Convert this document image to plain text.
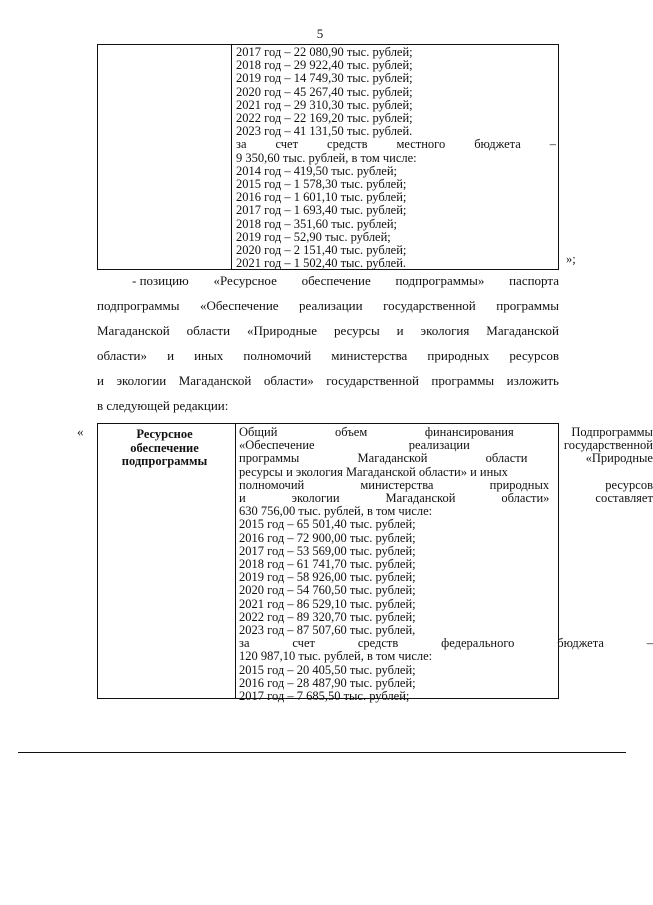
5
2017 год – 22 080,90 тыс. рублей;
2018 год – 29 922,40 тыс. рублей;
2019 год – 14 749,30 тыс. рублей;
2020 год – 45 267,40 тыс. рублей;
2021 год – 29 310,30 тыс. рублей;
2022 год – 22 169,20 тыс. рублей;
2023 год – 41 131,50 тыс. рублей.
за счет средств местного бюджета –
9 350,60 тыс. рублей, в том числе:
2014 год – 419,50 тыс. рублей;
2015 год – 1 578,30 тыс. рублей;
2016 год – 1 601,10 тыс. рублей;
2017 год – 1 693,40 тыс. рублей;
2018 год – 351,60 тыс. рублей;
2019 год – 52,90 тыс. рублей;
2020 год – 2 151,40 тыс. рублей;
2021 год – 1 502,40 тыс. рублей.	»;
- позицию «Ресурсное обеспечение подпрограммы» паспорта
подпрограммы «Обеспечение реализации государственной программы
Магаданской области «Природные ресурсы и экология Магаданской
области» и иных полномочий министерства природных ресурсов
и экологии Магаданской области» государственной программы изложить
в следующей редакции:
«	Ресурсное
обеспечение
подпрограммы
Общий	объем	финансирования	Подпрограммы
«Обеспечение	реализации	государственной
программы	Магаданской	области	«Природные
ресурсы и экология Магаданской области» и иных
полномочий	министерства	природных	ресурсов
и	экологии	Магаданской	области»	составляет
630 756,00 тыс. рублей, в том числе:
2015 год – 65 501,40 тыс. рублей;
2016 год – 72 900,00 тыс. рублей;
2017 год – 53 569,00 тыс. рублей;
2018 год – 61 741,70 тыс. рублей;
2019 год – 58 926,00 тыс. рублей;
2020 год – 54 760,50 тыс. рублей;
2021 год – 86 529,10 тыс. рублей;
2022 год – 89 320,70 тыс. рублей;
2023 год – 87 507,60 тыс. рублей,
за	счет	средств	федерального	бюджета	–
120 987,10 тыс. рублей, в том числе:
2015 год – 20 405,50 тыс. рублей;
2016 год – 28 487,90 тыс. рублей;
2017 год – 7 685,50 тыс. рублей;
